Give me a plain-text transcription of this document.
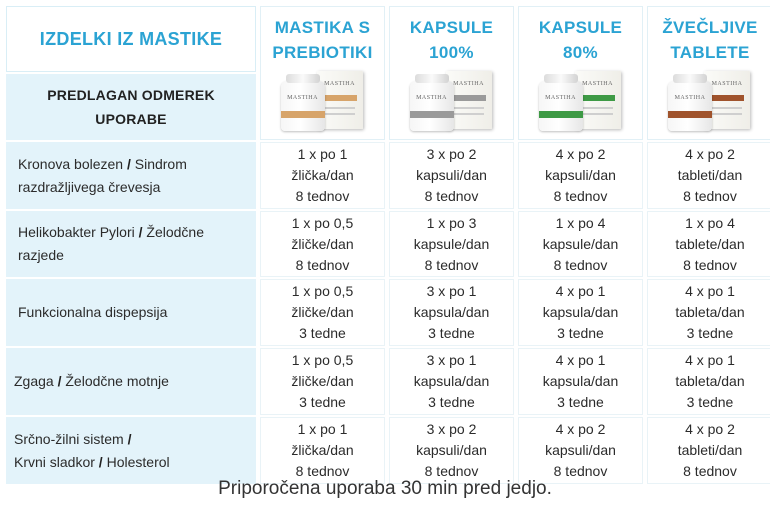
IZDELKI IZ MASTIKE
MASTIKA S
PREBIOTIKI
MASTIHA
MASTIHA
KAPSULE
100%
MASTIHA
MASTIHA
KAPSULE
80%
MASTIHA
MASTIHA
ŽVEČLJIVE
TABLETE
MASTIHA
MASTIHA
PREDLAGAN ODMEREK
UPORABE
Kronova bolezen / Sindrom
razdražljivega črevesja
1 x po 1
žlička/dan
8 tednov
3 x po 2
kapsuli/dan
8 tednov
4 x po 2
kapsuli/dan
8 tednov
4 x po 2
tableti/dan
8 tednov
Helikobakter Pylori / Želodčne
razjede
1 x po 0,5
žličke/dan
8 tednov
1 x po 3
kapsule/dan
8 tednov
1 x po 4
kapsule/dan
8 tednov
1 x po 4
tablete/dan
8 tednov
Funkcionalna dispepsija
1 x po 0,5
žličke/dan
3 tedne
3 x po 1
kapsula/dan
3 tedne
4 x po 1
kapsula/dan
3 tedne
4 x po 1
tableta/dan
3 tedne
Zgaga / Želodčne motnje
1 x po 0,5
žličke/dan
3 tedne
3 x po 1
kapsula/dan
3 tedne
4 x po 1
kapsula/dan
3 tedne
4 x po 1
tableta/dan
3 tedne
Srčno-žilni sistem /
Krvni sladkor / Holesterol
1 x po 1
žlička/dan
8 tednov
3 x po 2
kapsuli/dan
8 tednov
4 x po 2
kapsuli/dan
8 tednov
4 x po 2
tableti/dan
8 tednov
Priporočena uporaba 30 min pred jedjo.
